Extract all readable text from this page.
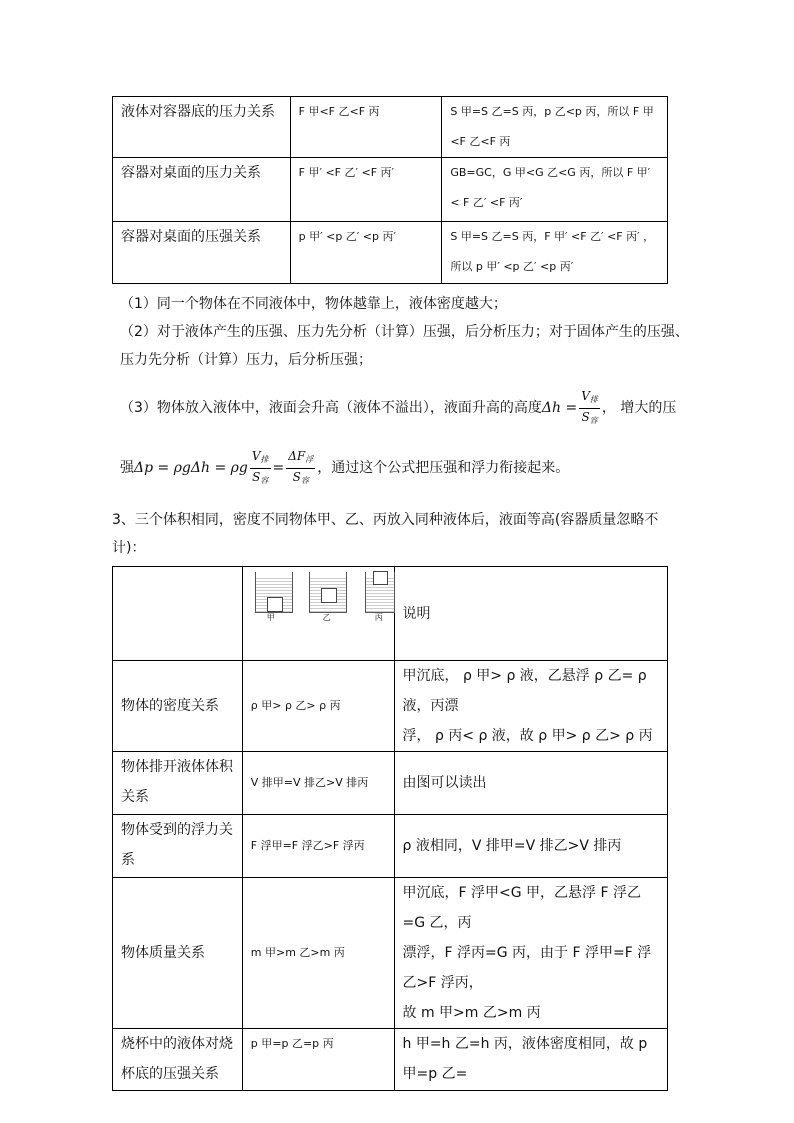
液体对容器底的压力关系	F 甲<F 乙<F 丙	S 甲=S 乙=S 丙，p 乙<p 丙，所以 F 甲<F 乙<F 丙
容器对桌面的压力关系	F 甲′ <F 乙′ <F 丙′	GB=GC，G 甲<G 乙<G 丙，所以 F 甲′ < F 乙′ <F 丙′
容器对桌面的压强关系	p 甲′ <p 乙′ <p 丙′	S 甲=S 乙=S 丙，F 甲′ <F 乙′ <F 丙′ ，所以 p 甲′ <p 乙′ <p 丙′
（1）同一个物体在不同液体中，物体越靠上，液体密度越大；
（2）对于液体产生的压强、压力先分析（计算）压强，后分析压力；对于固体产生的压强、
压力先分析（计算）压力，后分析压强；
（3）物体放入液体中，液面会升高（液体不溢出），液面升高的高度$\Delta h = \frac{V_排}{S_容}$ ， 增大的压
强Δp = ρgΔh = ρg $\frac{V_排}{S_容} = \frac{\Delta F_浮}{S_容}$ ，通过这个公式把压强和浮力衔接起来。
3、三个体积相同，密度不同物体甲、乙、丙放入同种液体后，液面等高(容器质量忽略不
计)：

	甲 乙 丙	说明

物体的密度关系	ρ 甲> ρ 乙> ρ 丙	甲沉底， ρ 甲> ρ 液，乙悬浮 ρ 乙= ρ 液，丙漂
浮， ρ 丙< ρ 液，故 ρ 甲> ρ 乙> ρ 丙

物体排开液体体积
关系	V 排甲=V 排乙>V 排丙	由图可以读出

物体受到的浮力关
系	F 浮甲=F 浮乙>F 浮丙	ρ 液相同，V 排甲=V 排乙>V 排丙

物体质量关系	m 甲>m 乙>m 丙	甲沉底，F 浮甲<G 甲，乙悬浮 F 浮乙=G 乙，丙
漂浮，F 浮丙=G 丙，由于 F 浮甲=F 浮乙>F 浮丙，
故 m 甲>m 乙>m 丙

烧杯中的液体对烧
杯底的压强关系	p 甲=p 乙=p 丙	h 甲=h 乙=h 丙，液体密度相同，故 p 甲=p 乙=
